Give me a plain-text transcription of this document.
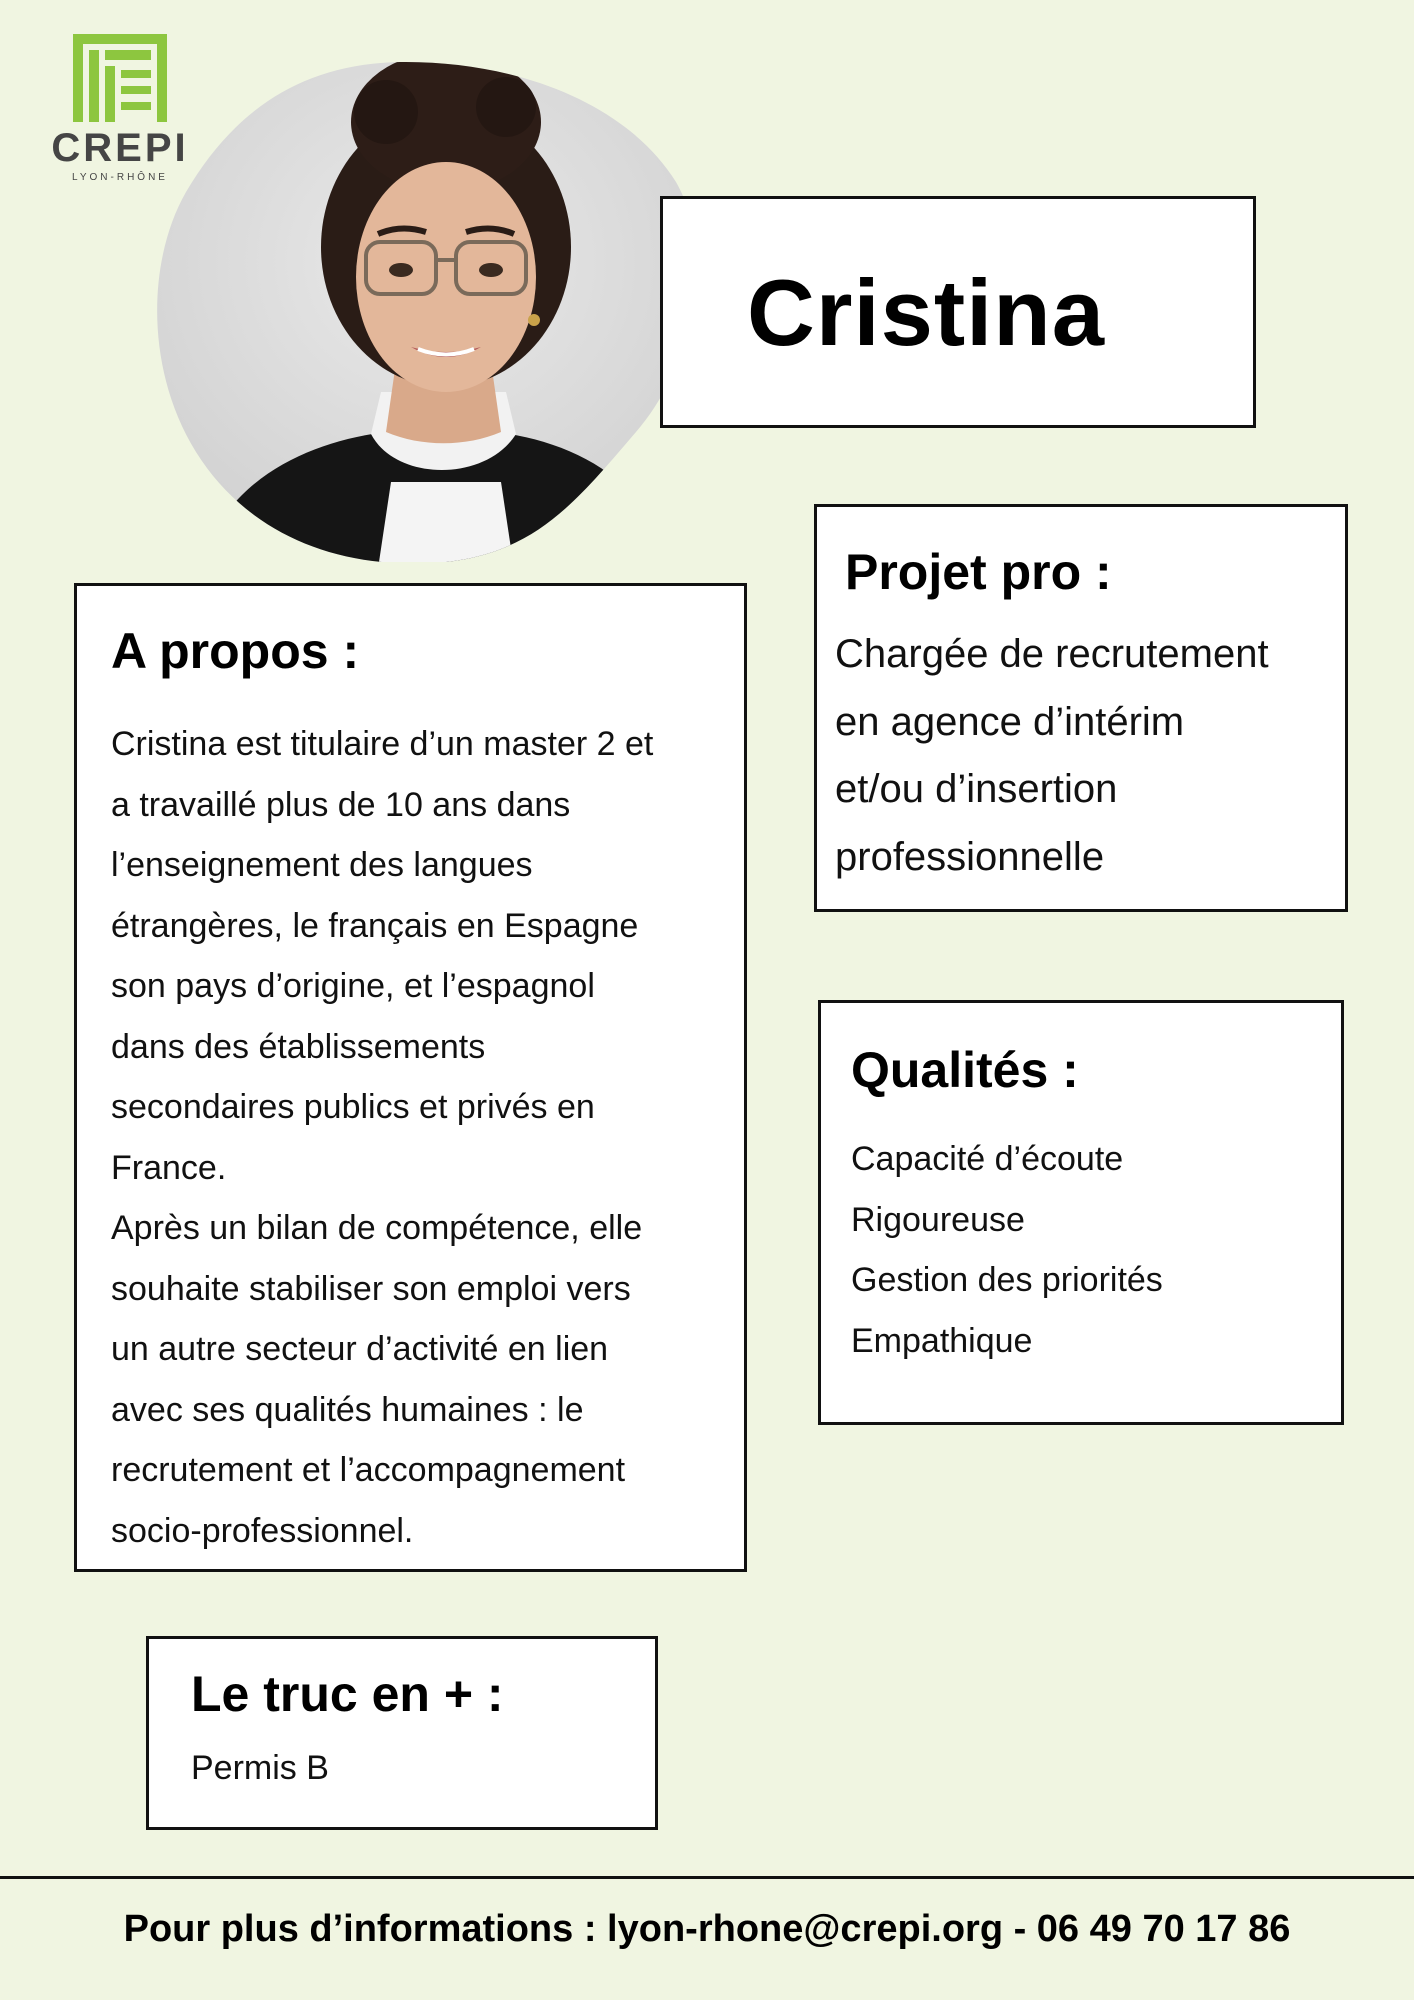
CREPI
LYON-RHÔNE
Cristina
A propos :
Cristina est titulaire d’un master 2 et
a travaillé plus de 10 ans dans
l’enseignement des langues
étrangères, le français en Espagne
son pays d’origine, et l’espagnol
dans des établissements
secondaires publics et privés en
France.
Après un bilan de compétence, elle
souhaite stabiliser son emploi vers
un autre secteur d’activité en lien
avec ses qualités humaines : le
recrutement et l’accompagnement
socio-professionnel.
Projet pro :
Chargée de recrutement
en agence d’intérim
et/ou d’insertion
professionnelle
Qualités :
Capacité d’écoute
Rigoureuse
Gestion des priorités
Empathique
Le truc en + :
Permis B
Pour plus d’informations : lyon-rhone@crepi.org - 06 49 70 17 86
